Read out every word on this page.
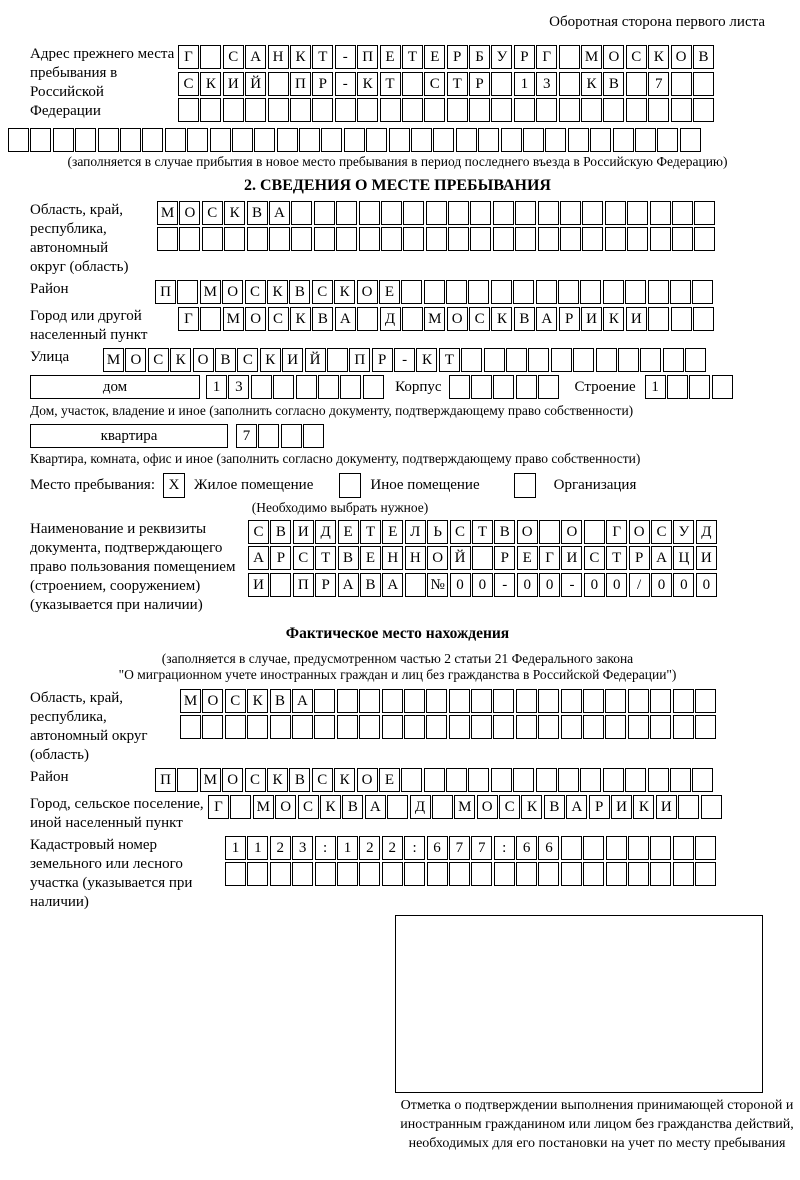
Оборотная сторона первого листа
Адрес прежнего места пребывания в Российской Федерации
Г	С А Н К Т	- П Е Т Е Р Б У Р Г	М О С К О В
С К И Й	П Р	- К Т	С Т Р	1 3	К В	7
(заполняется в случае прибытия в новое место пребывания в период последнего въезда в Российскую Федерацию)
2. СВЕДЕНИЯ О МЕСТЕ ПРЕБЫВАНИЯ
Область, край, республика, автономный округ (область)
М О С К В А
Район	П	М О С К В С К О Е
Город или другой населенный пункт
Г	М О С К В А	Д	М О С К В А Р И К И
Улица	М О С К О В С К И Й	П Р	- К Т
дом	1 3	Корпус	Строение	1
Дом, участок, владение и иное (заполнить согласно документу, подтверждающему право собственности)
квартира	7
Квартира, комната, офис и иное (заполнить согласно документу, подтверждающему право собственности)
Место пребывания: X Жилое помещение	Иное помещение	Организация
(Необходимо выбрать нужное)
Наименование и реквизиты документа, подтверждающего право пользования помещением (строением, сооружением) (указывается при наличии)
С В И Д Е Т Е Л Ь С Т В О	О	Г О С У Д
А Р С Т В Е Н Н О Й	Р Е Г И С Т Р А Ц И
И	П Р А В А	№ 0 0	-	0 0	-	0 0	/	0 0 0
Фактическое место нахождения
(заполняется в случае, предусмотренном частью 2 статьи 21 Федерального закона
"О миграционном учете иностранных граждан и лиц без гражданства в Российской Федерации")
Область, край, республика, автономный округ (область)
М О С К В А
Район	П	М О С К В С К О Е
Город, сельское поселение, иной населенный пункт
Г	М О С К В А	Д	М О С К В А Р И К И
Кадастровый номер земельного или лесного участка (указывается при наличии)
1 1 2 3	:	1 2 2	:	6 7 7	:	6 6
Отметка о подтверждении выполнения принимающей стороной и иностранным гражданином или лицом без гражданства действий, необходимых для его постановки на учет по месту пребывания
